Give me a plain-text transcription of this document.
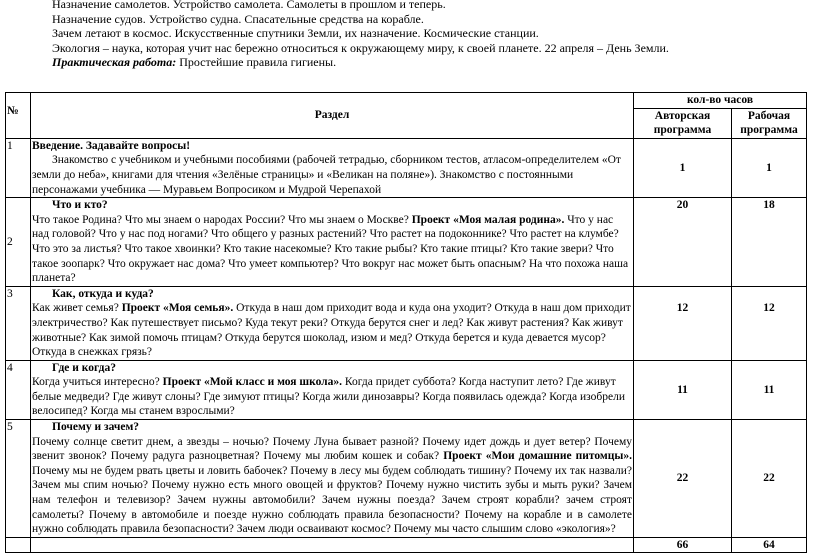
Назначение самолетов. Устройство самолета. Самолеты в прошлом и теперь.

Назначение судов. Устройство судна. Спасательные средства на корабле.

Зачем летают в космос. Искусственные спутники Земли, их назначение. Космические станции.

Экология – наука, которая учит нас бережно относиться к окружающему миру, к своей планете. 22 апреля – День Земли.

Практическая работа: Простейшие правила гигиены.

№	Раздел	кол-во часов	
		Авторская программа	Рабочая программа
1	Введение. Задавайте вопросы!
Знакомство с учебником и учебными пособиями (рабочей тетрадью, сборником тестов, атласом-определителем «От земли до неба», книгами для чтения «Зелёные страницы» и «Великан на поляне»). Знакомство с постоянными персонажами учебника — Муравьем Вопросиком и Мудрой Черепахой	1	1
2	Что и кто?
Что такое Родина? Что мы знаем о народах России? Что мы знаем о Москве? Проект «Моя малая родина». Что у нас над головой? Что у нас под ногами? Что общего у разных растений? Что растет на подоконнике? Что растет на клумбе? Что это за листья? Что такое хвоинки? Кто такие насекомые? Кто такие рыбы? Кто такие птицы? Кто такие звери? Что такое зоопарк? Что окружает нас дома? Что умеет компьютер? Что вокруг нас может быть опасным? На что похожа наша планета?	20	18
3	Как, откуда и куда?
Как живет семья? Проект «Моя семья». Откуда в наш дом приходит вода и куда она уходит? Откуда в наш дом приходит электричество? Как путешествует письмо? Куда текут реки? Откуда берутся снег и лед? Как живут растения? Как живут животные? Как зимой помочь птицам? Откуда берутся шоколад, изюм и мед? Откуда берется и куда девается мусор? Откуда в снежках грязь?	12	12
4	Где и когда?
Когда учиться интересно? Проект «Мой класс и моя школа». Когда придет суббота? Когда наступит лето? Где живут белые медведи? Где живут слоны? Где зимуют птицы? Когда жили динозавры? Когда появилась одежда? Когда изобрели велосипед? Когда мы станем взрослыми?	11	11
5	Почему и зачем?
Почему солнце светит днем, а звезды – ночью? Почему Луна бывает разной? Почему идет дождь и дует ветер? Почему звенит звонок? Почему радуга разноцветная? Почему мы любим кошек и собак? Проект «Мои домашние питомцы». Почему мы не будем рвать цветы и ловить бабочек? Почему в лесу мы будем соблюдать тишину? Почему их так назвали? Зачем мы спим ночью? Почему нужно есть много овощей и фруктов? Почему нужно чистить зубы и мыть руки? Зачем нам телефон и телевизор? Зачем нужны автомобили? Зачем нужны поезда? Зачем строят корабли? зачем строят самолеты? Почему в автомобиле и поезде нужно соблюдать правила безопасности? Почему на корабле и в самолете нужно соблюдать правила безопасности? Зачем люди осваивают космос? Почему мы часто слышим слово «экология»?	22	22
		66	64
